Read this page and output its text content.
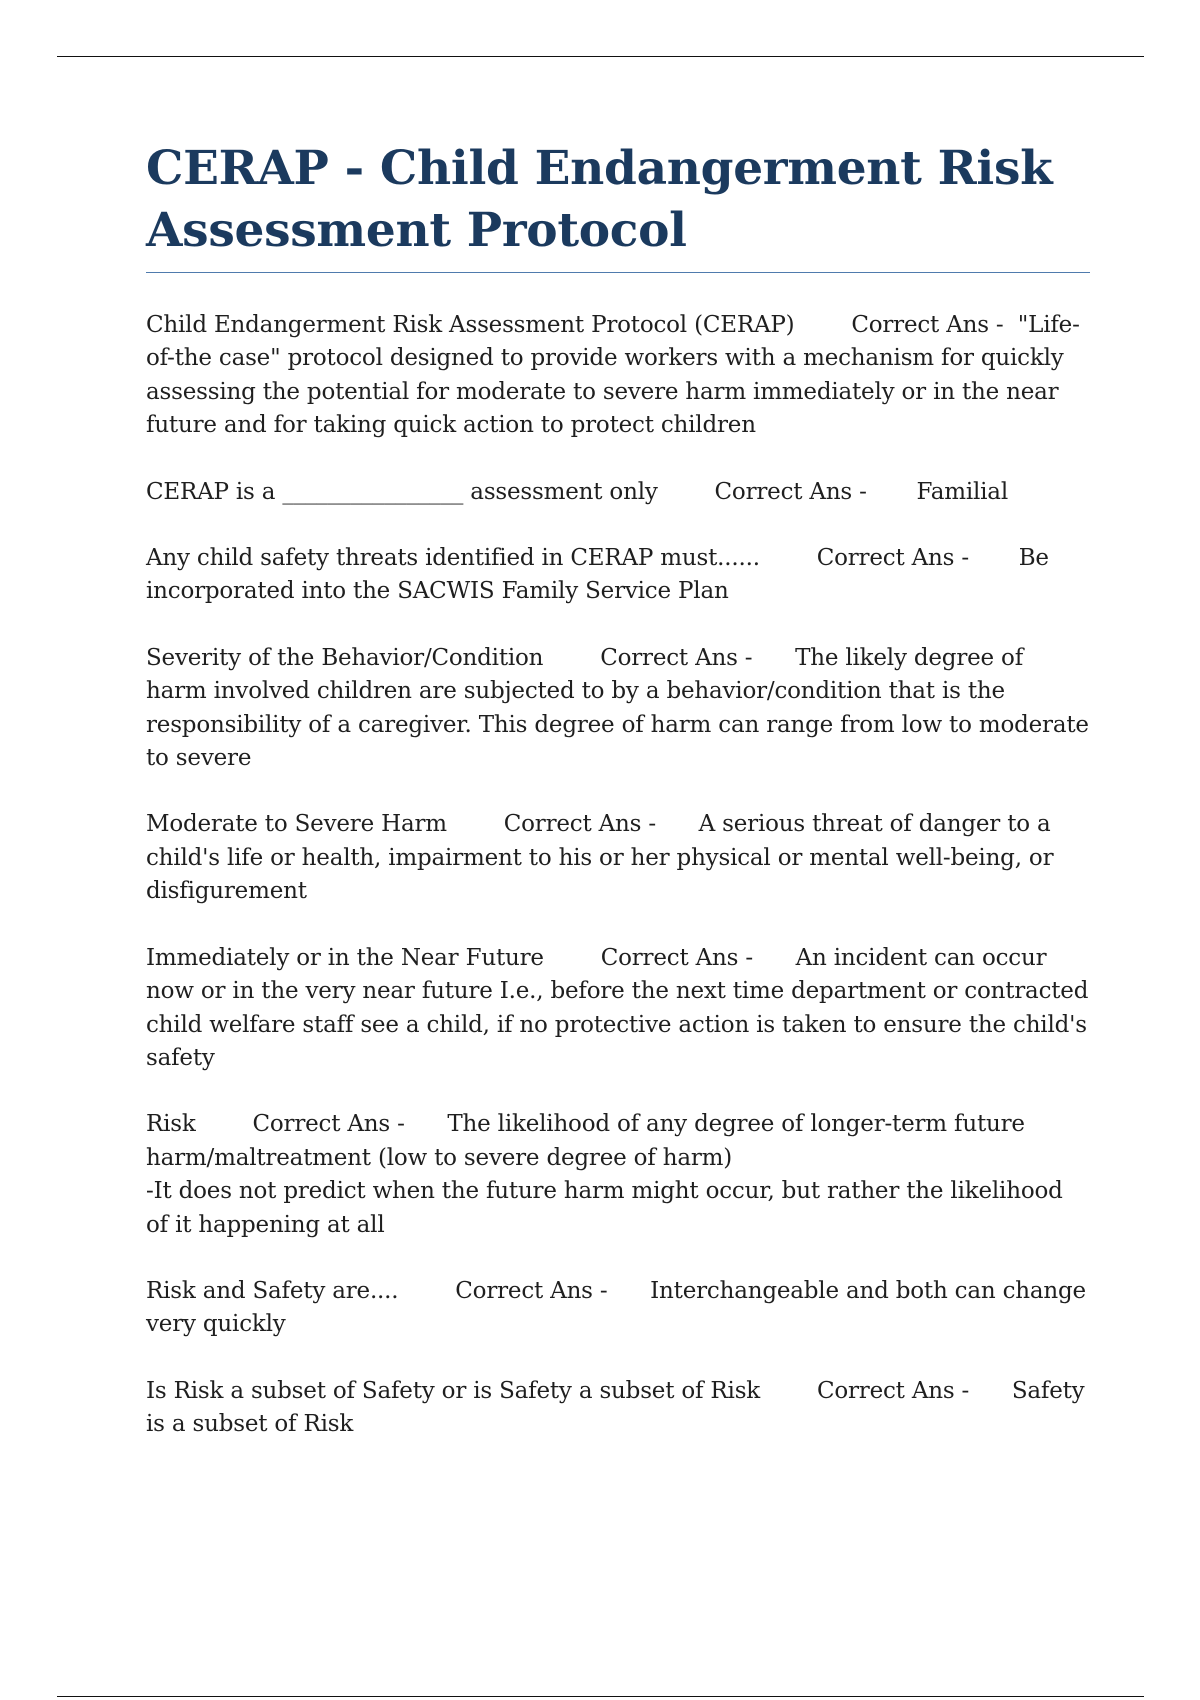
CERAP - Child Endangerment Risk Assessment Protocol

Child Endangerment Risk Assessment Protocol (CERAP) Correct Ans - "Life-of-the case" protocol designed to provide workers with a mechanism for quickly assessing the potential for moderate to severe harm immediately or in the near future and for taking quick action to protect children

CERAP is a ________________ assessment only Correct Ans - Familial

Any child safety threats identified in CERAP must...... Correct Ans - Be incorporated into the SACWIS Family Service Plan

Severity of the Behavior/Condition Correct Ans - The likely degree of harm involved children are subjected to by a behavior/condition that is the responsibility of a caregiver. This degree of harm can range from low to moderate to severe

Moderate to Severe Harm Correct Ans - A serious threat of danger to a child's life or health, impairment to his or her physical or mental well-being, or disfigurement

Immediately or in the Near Future Correct Ans - An incident can occur now or in the very near future I.e., before the next time department or contracted child welfare staff see a child, if no protective action is taken to ensure the child's safety

Risk Correct Ans - The likelihood of any degree of longer-term future harm/maltreatment (low to severe degree of harm)
-It does not predict when the future harm might occur, but rather the likelihood of it happening at all

Risk and Safety are.... Correct Ans - Interchangeable and both can change very quickly

Is Risk a subset of Safety or is Safety a subset of Risk Correct Ans - Safety is a subset of Risk
